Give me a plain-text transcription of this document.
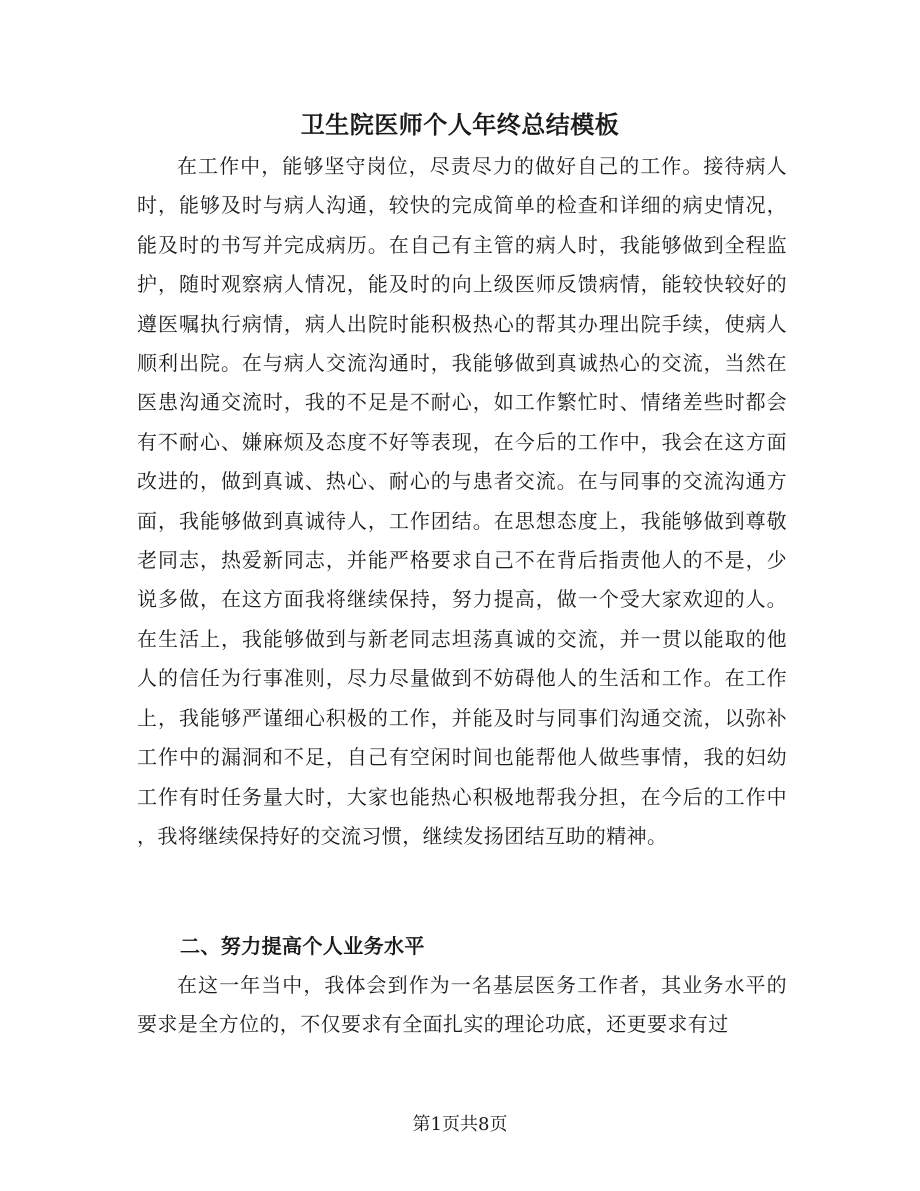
卫生院医师个人年终总结模板
在工作中，能够坚守岗位，尽责尽力的做好自己的工作。接待病人时，能够及时与病人沟通，较快的完成简单的检查和详细的病史情况，能及时的书写并完成病历。在自己有主管的病人时，我能够做到全程监护，随时观察病人情况，能及时的向上级医师反馈病情，能较快较好的遵医嘱执行病情，病人出院时能积极热心的帮其办理出院手续，使病人顺利出院。在与病人交流沟通时，我能够做到真诚热心的交流，当然在医患沟通交流时，我的不足是不耐心，如工作繁忙时、情绪差些时都会有不耐心、嫌麻烦及态度不好等表现，在今后的工作中，我会在这方面改进的，做到真诚、热心、耐心的与患者交流。在与同事的交流沟通方面，我能够做到真诚待人，工作团结。在思想态度上，我能够做到尊敬老同志，热爱新同志，并能严格要求自己不在背后指责他人的不是，少说多做，在这方面我将继续保持，努力提高，做一个受大家欢迎的人。在生活上，我能够做到与新老同志坦荡真诚的交流，并一贯以能取的他人的信任为行事准则，尽力尽量做到不妨碍他人的生活和工作。在工作上，我能够严谨细心积极的工作，并能及时与同事们沟通交流，以弥补工作中的漏洞和不足，自己有空闲时间也能帮他人做些事情，我的妇幼工作有时任务量大时，大家也能热心积极地帮我分担，在今后的工作中，我将继续保持好的交流习惯，继续发扬团结互助的精神。
二、努力提高个人业务水平
在这一年当中，我体会到作为一名基层医务工作者，其业务水平的要求是全方位的，不仅要求有全面扎实的理论功底，还更要求有过
第1页共8页
